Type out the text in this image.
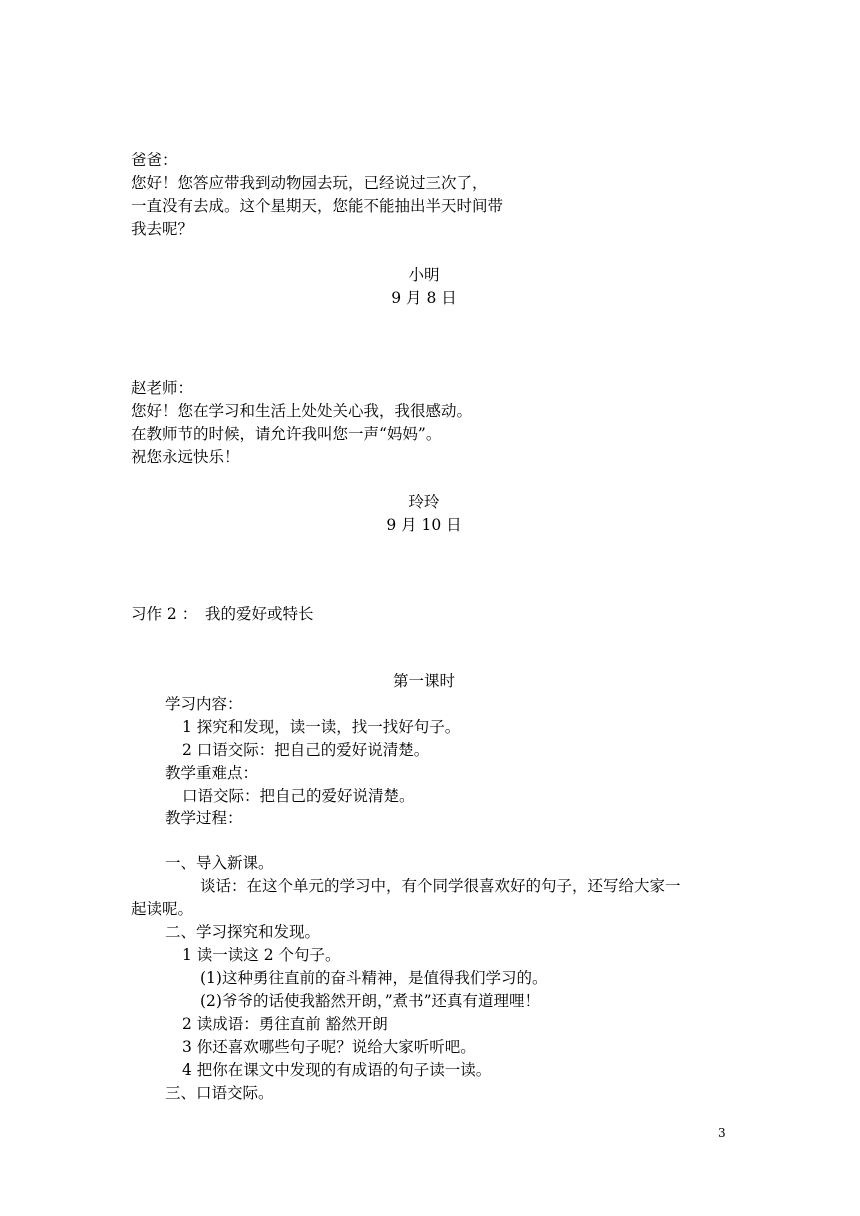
爸爸：
您好！您答应带我到动物园去玩，已经说过三次了，
一直没有去成。这个星期天，您能不能抽出半天时间带
我去呢？
小明
9 月 8 日
赵老师：
您好！您在学习和生活上处处关心我，我很感动。
在教师节的时候，请允许我叫您一声“妈妈”。
祝您永远快乐！
玲玲
9 月 10 日
习作 2 ：　我的爱好或特长
第一课时
学习内容：
1 探究和发现，读一读，找一找好句子。
2 口语交际：把自己的爱好说清楚。
教学重难点：
口语交际：把自己的爱好说清楚。
教学过程：
一、导入新课。
谈话：在这个单元的学习中，有个同学很喜欢好的句子，还写给大家一
起读呢。
二、学习探究和发现。
1 读一读这 2 个句子。
(1)这种勇往直前的奋斗精神，是值得我们学习的。
(2)爷爷的话使我豁然开朗，”煮书”还真有道理哩！
2 读成语：勇往直前 豁然开朗
3 你还喜欢哪些句子呢？说给大家听听吧。
4 把你在课文中发现的有成语的句子读一读。
三、口语交际。
3
